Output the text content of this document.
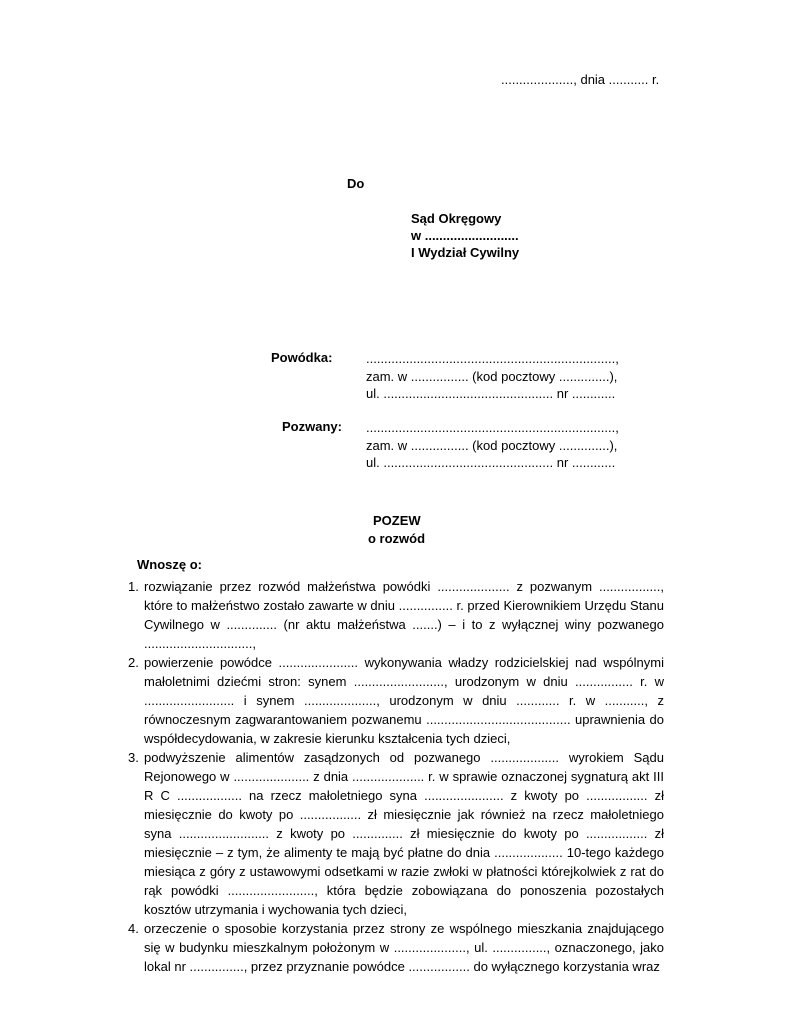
...................., dnia ........... r.
Do
Sąd Okręgowy
w ..........................
I Wydział Cywilny
Powódka:	.....................................................................,
zam. w ................ (kod pocztowy ..............),
ul. ............................................... nr ............
Pozwany: .....................................................................,
zam. w ................ (kod pocztowy ..............),
ul. ............................................... nr ............
POZEW
o rozwód
Wnoszę o:
1. rozwiązanie przez rozwód małżeństwa powódki .................... z pozwanym ................., które to małżeństwo zostało zawarte w dniu ............... r. przed Kierownikiem Urzędu Stanu Cywilnego w .............. (nr aktu małżeństwa .......) – i to z wyłącznej winy pozwanego ..............................,
2. powierzenie powódce ...................... wykonywania władzy rodzicielskiej nad wspólnymi małoletnimi dziećmi stron: synem ........................., urodzonym w dniu ................ r. w ......................... i synem ...................., urodzonym w dniu ............ r. w ..........., z równoczesnym zagwarantowaniem pozwanemu ........................................ uprawnienia do współdecydowania, w zakresie kierunku kształcenia tych dzieci,
3. podwyższenie alimentów zasądzonych od pozwanego ................... wyrokiem Sądu Rejonowego w ..................... z dnia .................... r. w sprawie oznaczonej sygnaturą akt III R C .................. na rzecz małoletniego syna ...................... z kwoty po ................. zł miesięcznie do kwoty po ................. zł miesięcznie jak również na rzecz małoletniego syna ......................... z kwoty po .............. zł miesięcznie do kwoty po ................. zł miesięcznie – z tym, że alimenty te mają być płatne do dnia ................... 10-tego każdego miesiąca z góry z ustawowymi odsetkami w razie zwłoki w płatności którejkolwiek z rat do rąk powódki ........................, która będzie zobowiązana do ponoszenia pozostałych kosztów utrzymania i wychowania tych dzieci,
4. orzeczenie o sposobie korzystania przez strony ze wspólnego mieszkania znajdującego się w budynku mieszkalnym położonym w ...................., ul. ..............., oznaczonego, jako lokal nr ..............., przez przyznanie powódce ................. do wyłącznego korzystania wraz
